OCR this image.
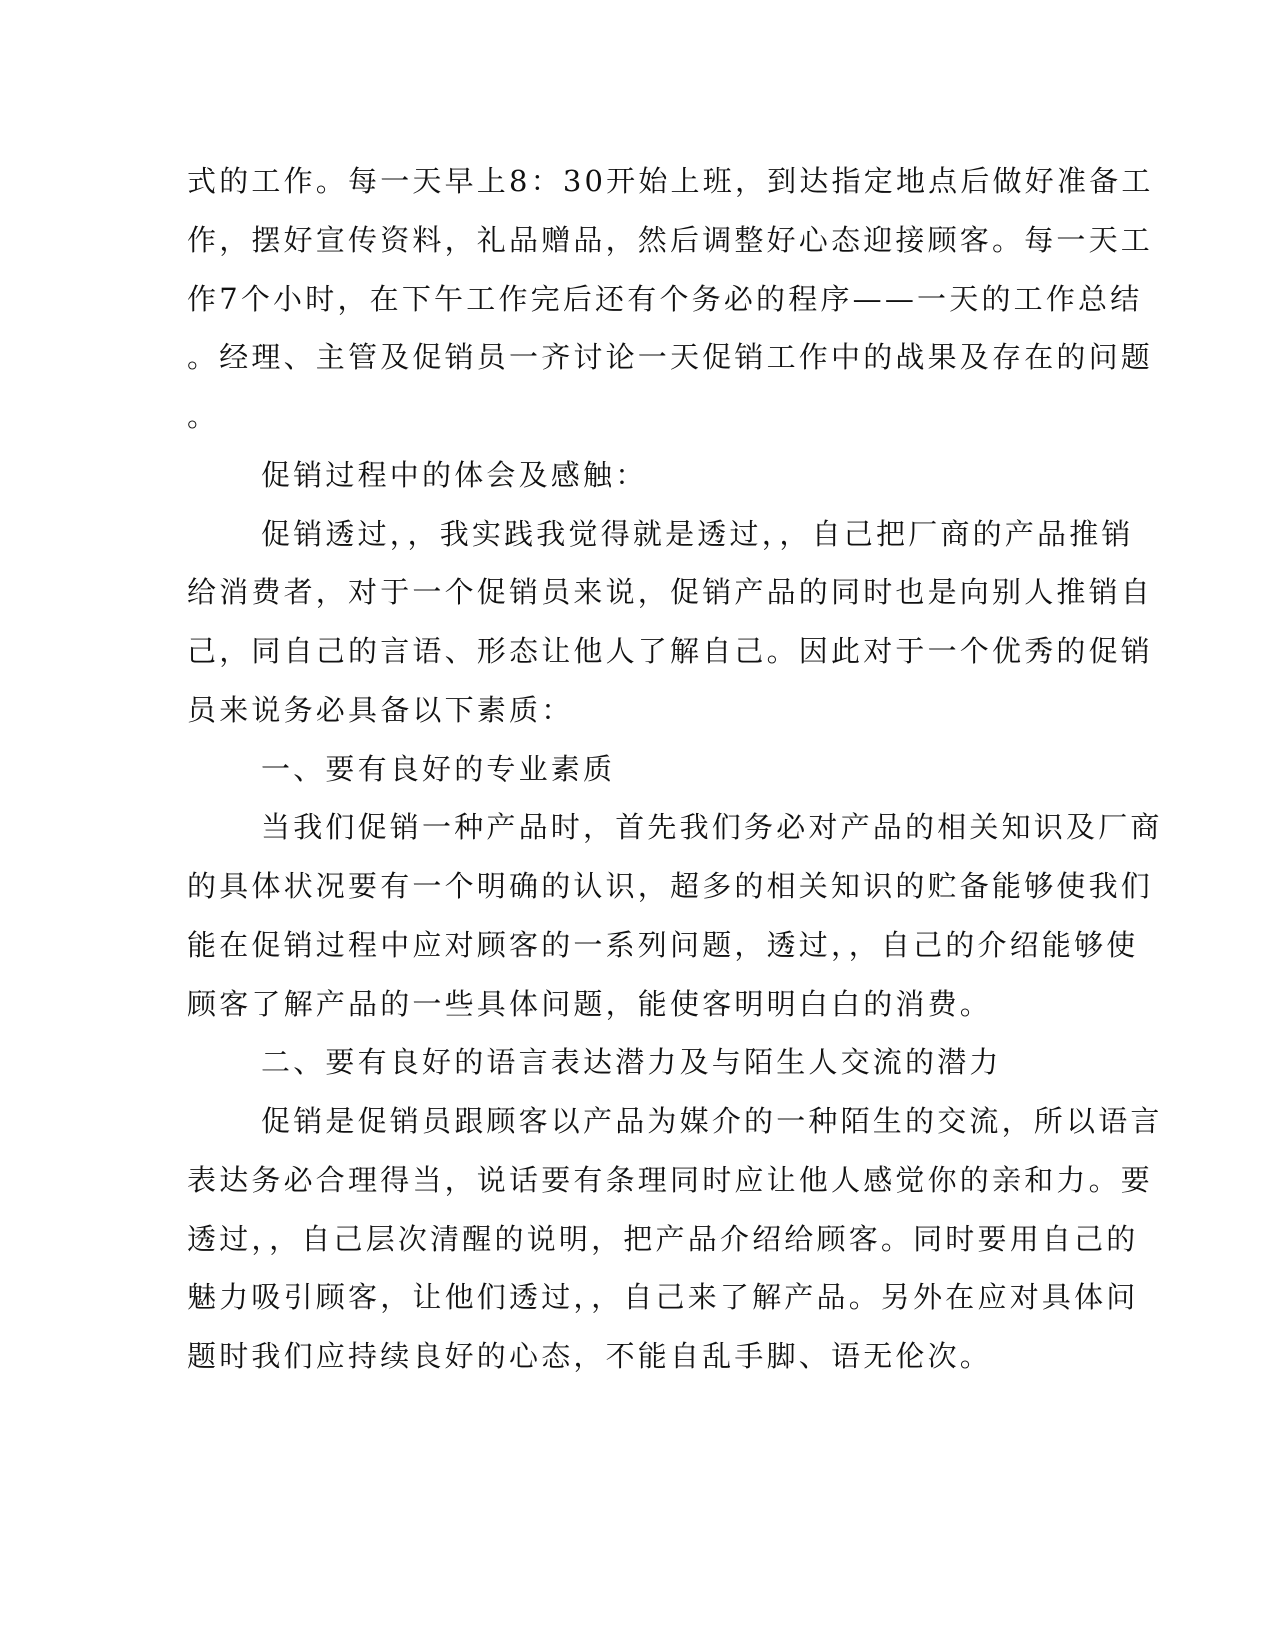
式的工作。每一天早上8：30开始上班，到达指定地点后做好准备工
作，摆好宣传资料，礼品赠品，然后调整好心态迎接顾客。每一天工
作7个小时，在下午工作完后还有个务必的程序——一天的工作总结
。经理、主管及促销员一齐讨论一天促销工作中的战果及存在的问题
。
促销过程中的体会及感触：
促销透过，，我实践我觉得就是透过，，自己把厂商的产品推销
给消费者，对于一个促销员来说，促销产品的同时也是向别人推销自
己，同自己的言语、形态让他人了解自己。因此对于一个优秀的促销
员来说务必具备以下素质：
一、要有良好的专业素质
当我们促销一种产品时，首先我们务必对产品的相关知识及厂商
的具体状况要有一个明确的认识，超多的相关知识的贮备能够使我们
能在促销过程中应对顾客的一系列问题，透过，，自己的介绍能够使
顾客了解产品的一些具体问题，能使客明明白白的消费。
二、要有良好的语言表达潜力及与陌生人交流的潜力
促销是促销员跟顾客以产品为媒介的一种陌生的交流，所以语言
表达务必合理得当，说话要有条理同时应让他人感觉你的亲和力。要
透过，，自己层次清醒的说明，把产品介绍给顾客。同时要用自己的
魅力吸引顾客，让他们透过，，自己来了解产品。另外在应对具体问
题时我们应持续良好的心态，不能自乱手脚、语无伦次。
